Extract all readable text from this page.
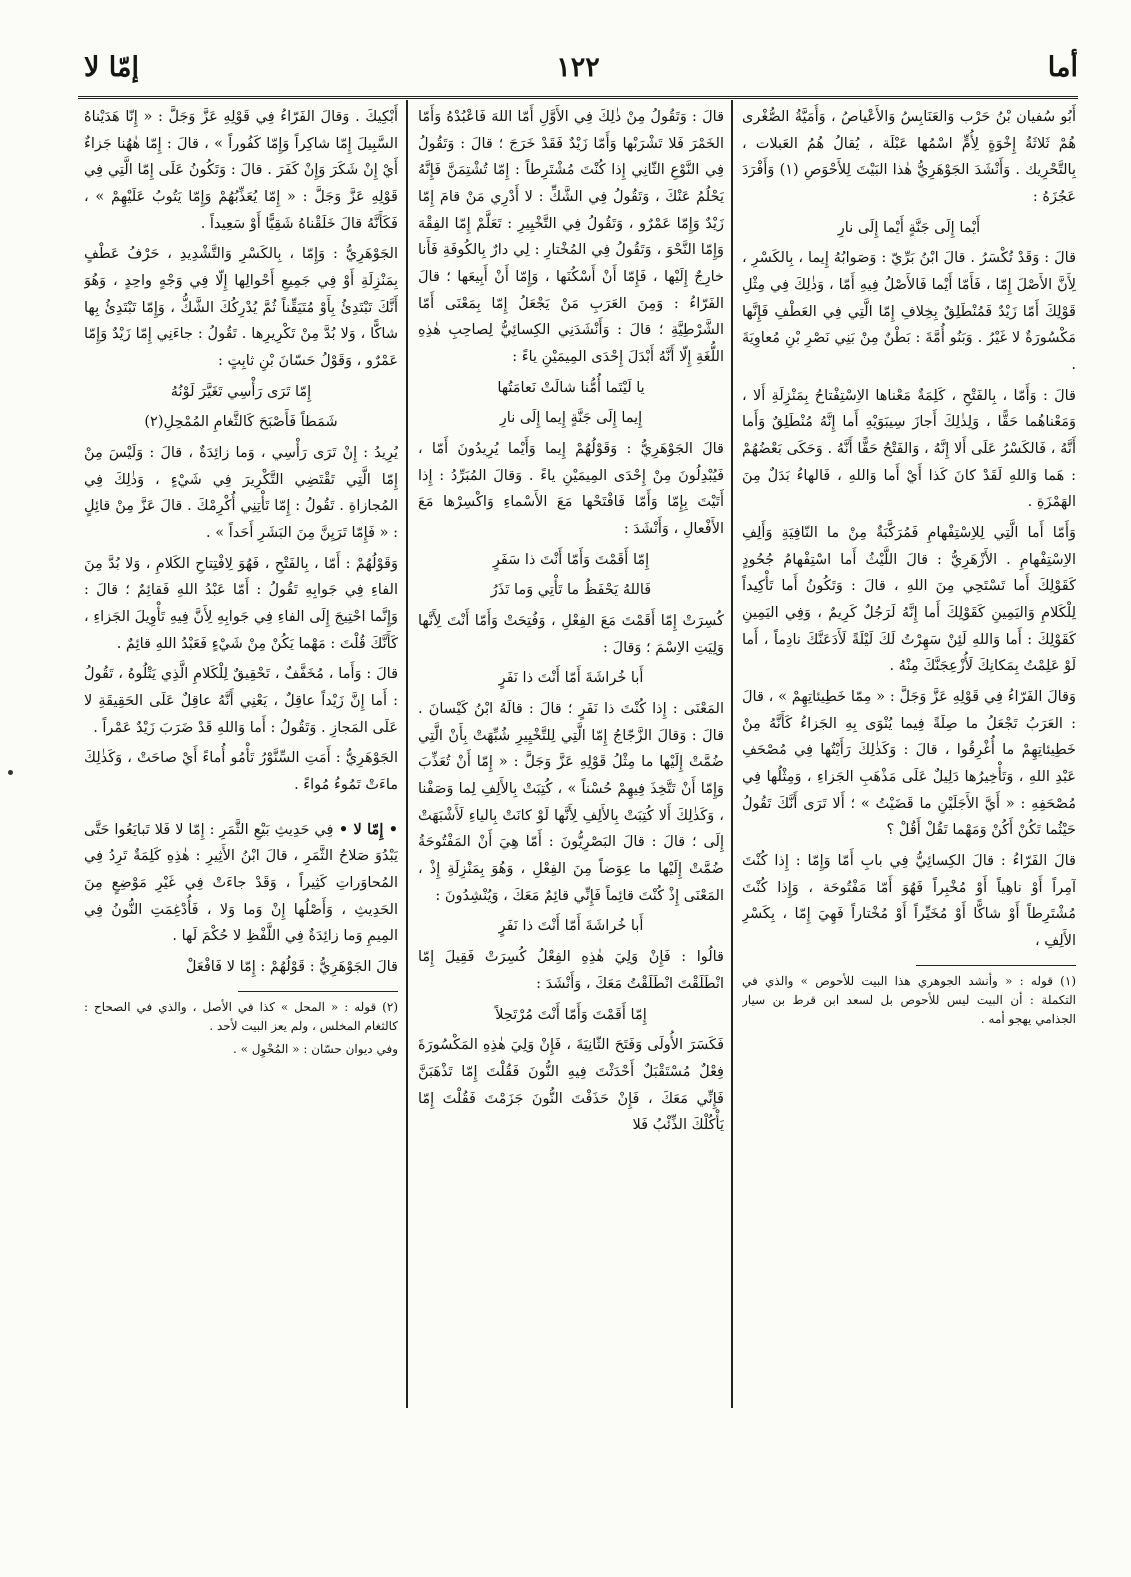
أما
١٢٢
إمّا لا

أَبُو سُفيان بْنُ حَرْب وَالعَنَابِسُ وَالأَعْياصُ ، وَأُمَيَّةُ الصُّغْرى هُمْ ثَلاثَةُ إِخْوَةٍ لِأُمٍّ اسْمُها عَبْلَة ، يُقالُ هُمُ العَبلات ، بِالتَّحْرِيك . وَأَنْشَدَ الجَوْهَرِيُّ هٰذا البَيْتَ لِلأَحْوَصِ (١) وَأَفْرَدَ عَجُزَهُ :

أَيْما إِلَى جَنَّةٍ أَيْما إِلَى نارِ

قالَ : وَقَدْ تُكْسَرُ . قالَ ابْنُ بَرِّيّ : وَصَوابُهُ إِيما ، بِالكَسْرِ ، لِأَنَّ الأَصْلَ إِمّا ، فَأَمّا أَيْما فَالأَصْلُ فِيهِ أَمّا ، وَذٰلِكَ فِي مِثْلِ قَوْلِكَ أَمّا زَيْدٌ فَمُنْطَلِقٌ بِخِلافِ إِمّا الَّتِي فِي العَطْفِ فَإِنَّها مَكْسُورَةٌ لا غَيْرُ . وَبَنُو أُمَّةَ : بَطْنٌ مِنْ بَنِي نَصْرِ بْنِ مُعاوِيَةَ .

قالَ : وَأَمّا ، بِالفَتْحِ ، كَلِمَةٌ مَعْناها الاِسْتِفْتاحُ بِمَنْزِلَةِ أَلا ، وَمَعْناهُما حَقًّا ، وَلِذٰلِكَ أَجازَ سِيبَوَيْهِ أَما إِنَّهُ مُنْطَلِقٌ وَأَما أَنَّهُ ، فَالكَسْرُ عَلَى أَلا إِنَّهُ ، وَالفَتْحُ حَقًّا أَنَّهُ . وَحَكَى بَعْضُهُمْ : هَما وَاللهِ لَقَدْ كانَ كَذا أَيْ أَما وَاللهِ ، فَالهاءُ بَدَلٌ مِنَ الهَمْزَةِ .

وَأَمّا أَما الَّتِي لِلاِسْتِفْهامِ فَمُرَكَّبَةٌ مِنْ ما النّافِيَةِ وَأَلِفِ الاِسْتِفْهامِ . الأَزْهَرِيُّ : قالَ اللَّيْثُ أَما اسْتِفْهامُ جُحُودٍ كَقَوْلِكَ أَما تَسْتَحِي مِنَ اللهِ ، قالَ : وَتَكُونُ أَما تَأْكِيداً لِلْكَلامِ وَاليَمِينِ كَقَوْلِكَ أَما إِنَّهُ لَرَجُلٌ كَرِيمٌ ، وَفِي اليَمِينِ كَقَوْلِكَ : أَما وَاللهِ لَئِنْ سَهِرْتُ لَكَ لَيْلَةً لَأَدَعَنَّكَ نادِماً ، أَما لَوْ عَلِمْتُ بِمَكانِكَ لَأُزْعِجَنَّكَ مِنْهُ .

وَقالَ الفَرّاءُ فِي قَوْلِهِ عَزَّ وَجَلَّ : « مِمّا خَطِيئاتِهِمْ » ، قالَ : العَرَبُ تَجْعَلُ ما صِلَةً فِيما يُنْوَى بِهِ الجَزاءُ كَأَنَّهُ مِنْ خَطِيئاتِهِمْ ما أُغْرِقُوا ، قالَ : وَكَذٰلِكَ رَأَيْتُها فِي مُصْحَفِ عَبْدِ اللهِ ، وَتَأْخِيرُها دَلِيلٌ عَلَى مَذْهَبِ الجَزاءِ ، وَمِثْلُها فِي مُصْحَفِهِ : « أَيَّ الأَجَلَيْنِ ما قَضَيْتُ » ؛ أَلا تَرَى أَنَّكَ تَقُولُ حَيْثُما تَكُنْ أَكُنْ وَمَهْما تَقُلْ أَقُلْ ؟

قالَ الفَرّاءُ : قالَ الكِسائِيُّ فِي بابِ أَمّا وَإِمّا : إِذا كُنْتَ آمِراً أَوْ ناهِياً أَوْ مُخْبِراً فَهُوَ أَمّا مَفْتُوحَة ، وَإِذا كُنْتَ مُشْتَرِطاً أَوْ شاكًّا أَوْ مُخَيِّراً أَوْ مُخْتاراً فَهِيَ إِمّا ، بِكَسْرِ الأَلِفِ ،

(١) قوله : « وأنشد الجوهري هذا البيت للأحوص » والذي في التكملة : أن البيت ليس للأحوص بل لسعد ابن قرط بن سيار الجذامي يهجو أمه .

قالَ : وَتَقُولُ مِنْ ذٰلِكَ فِي الأَوَّلِ أَمّا اللهَ فَاعْبُدْهُ وَأَمّا الخَمْرَ فَلا تَشْرَبْها وَأَمّا زَيْدٌ فَقَدْ خَرَجَ ؛ قالَ : وَتَقُولُ فِي النَّوْعِ الثّانِي إِذا كُنْتَ مُشْتَرِطاً : إِمّا تُشْتِمَنَّ فَإِنَّهُ يَحْلُمُ عَنْكَ ، وَتَقُولُ فِي الشَّكِّ : لا أَدْرِي مَنْ قامَ إِمّا زَيْدٌ وَإِمّا عَمْرٌو ، وَتَقُولُ فِي التَّخْيِيرِ : تَعَلَّمْ إِمّا الفِقْهَ وَإِمّا النَّحْوَ ، وَتَقُولُ فِي المُخْتارِ : لِي دارٌ بِالكُوفَةِ فَأَنا خارِجٌ إِلَيْها ، فَإِمّا أَنْ أَسْكُنَها ، وَإِمّا أَنْ أَبِيعَها ؛ قالَ الفَرّاءُ : وَمِنَ العَرَبِ مَنْ يَجْعَلُ إِمّا بِمَعْنَى أَمّا الشَّرْطِيَّةِ ؛ قالَ : وَأَنْشَدَنِي الكِسائِيُّ لِصاحِبِ هٰذِهِ اللُّغَةِ إِلّا أَنَّهُ أَبْدَلَ إِحْدَى المِيمَيْنِ ياءً :

يا لَيْتَما أُمُّنا شالَتْ نَعامَتُها

إِيما إِلَى جَنَّةٍ إِيما إِلَى نارِ

قالَ الجَوْهَرِيُّ : وَقَوْلُهُمْ إِيما وَأَيْما يُرِيدُونَ أَمّا ، فَيُبْدِلُونَ مِنْ إِحْدَى المِيمَيْنِ ياءً . وَقالَ المُبَرِّدُ : إِذا أَتَيْتَ بِإِمّا وَأَمّا فَافْتَحْها مَعَ الأَسْماءِ وَاكْسِرْها مَعَ الأَفْعالِ ، وَأَنْشَدَ :

إِمّا أَقَمْتَ وَأَمّا أَنْتَ ذا سَفَرٍ

فَاللهُ يَحْفَظُ ما تَأْتِي وَما تَذَرُ

كُسِرَتْ إِمّا أَقَمْتَ مَعَ الفِعْلِ ، وَفُتِحَتْ وَأَمّا أَنْتَ لِأَنَّها وَلِيَتِ الاِسْمَ ؛ وَقالَ :

أَبا خُراشَةَ أَمّا أَنْتَ ذا نَفَرٍ

المَعْنَى : إِذا كُنْتَ ذا نَفَرٍ ؛ قالَ : قالَهُ ابْنُ كَيْسانَ . قالَ : وَقالَ الزَّجّاجُ إِمّا الَّتِي لِلتَّخْيِيرِ شُبِّهَتْ بِأَنْ الَّتِي ضُمَّتْ إِلَيْها ما مِثْلُ قَوْلِهِ عَزَّ وَجَلَّ : « إِمّا أَنْ تُعَذِّبَ وَإِمّا أَنْ تَتَّخِذَ فِيهِمْ حُسْناً » ، كُتِبَتْ بِالأَلِفِ لِما وَصَفْنا ، وَكَذٰلِكَ أَلا كُتِبَتْ بِالأَلِفِ لِأَنَّها لَوْ كانَتْ بِالياءِ لَأَشْبَهَتْ إِلَى ؛ قالَ : قالَ البَصْرِيُّونَ : أَمّا هِيَ أَنْ المَفْتُوحَةُ ضُمَّتْ إِلَيْها ما عِوَضاً مِنَ الفِعْلِ ، وَهُوَ بِمَنْزِلَةِ إِذْ ، المَعْنَى إِذْ كُنْتَ قائِماً فَإِنِّي قائِمٌ مَعَكَ ، وَيُنْشِدُونَ :

أَبا خُراشَةَ أَمّا أَنْتَ ذا نَفَرٍ

قالُوا : فَإِنْ وَلِيَ هٰذِهِ الفِعْلُ كُسِرَتْ فَقِيلَ إِمّا انْطَلَقْتَ انْطَلَقْتُ مَعَكَ ، وَأَنْشَدَ :

إِمّا أَقَمْتَ وَأَمّا أَنْتَ مُرْتَحِلاً

فَكَسَرَ الأُولَى وَفَتَحَ الثّانِيَةَ ، فَإِنْ وَلِيَ هٰذِهِ المَكْسُورَةَ فِعْلٌ مُسْتَقْبَلٌ أَحْدَثْتَ فِيهِ النُّونَ فَقُلْتَ إِمّا تَذْهَبَنَّ فَإِنِّي مَعَكَ ، فَإِنْ حَذَفْتَ النُّونَ جَزَمْتَ فَقُلْتَ إِمّا يَأْكُلْكَ الذِّئْبُ فَلا

أَبْكِيكَ . وَقالَ الفَرّاءُ فِي قَوْلِهِ عَزَّ وَجَلَّ : « إِنّا هَدَيْناهُ السَّبِيلَ إِمّا شاكِراً وَإِمّا كَفُوراً » ، قالَ : إِمّا هٰهُنا جَزاءٌ أَيْ إِنْ شَكَرَ وَإِنْ كَفَرَ . قالَ : وَتَكُونُ عَلَى إِمّا الَّتِي فِي قَوْلِهِ عَزَّ وَجَلَّ : « إِمّا يُعَذِّبُهُمْ وَإِمّا يَتُوبُ عَلَيْهِمْ » ، فَكَأَنَّهُ قالَ خَلَقْناهُ شَقِيًّا أَوْ سَعِيداً .

الجَوْهَرِيُّ : وَإِمّا ، بِالكَسْرِ وَالتَّشْدِيدِ ، حَرْفُ عَطْفٍ بِمَنْزِلَةِ أَوْ فِي جَمِيعِ أَحْوالِها إِلّا فِي وَجْهٍ واحِدٍ ، وَهُوَ أَنَّكَ تَبْتَدِئُ بِأَوْ مُتَيَقِّناً ثُمَّ يُدْرِكُكَ الشَّكُّ ، وَإِمّا تَبْتَدِئُ بِها شاكًّا ، وَلا بُدَّ مِنْ تَكْرِيرِها . تَقُولُ : جاءَنِي إِمّا زَيْدٌ وَإِمّا عَمْرٌو ، وَقَوْلُ حَسّانَ بْنِ ثابِتٍ :

إِمّا تَرَى رَأْسِي تَغَيَّرَ لَوْنُهُ

شَمَطاً فَأَصْبَحَ كَالثَّغامِ المُمْحِلِ(٢)

يُرِيدُ : إِنْ تَرَى رَأْسِي ، وَما زائِدَةٌ ، قالَ : وَلَيْسَ مِنْ إِمّا الَّتِي تَقْتَضِي التَّكْرِيرَ فِي شَيْءٍ ، وَذٰلِكَ فِي المُجازاةِ . تَقُولُ : إِمّا تَأْتِنِي أُكْرِمْكَ . قالَ عَزَّ مِنْ قائِلٍ : « فَإِمّا تَرَيِنَّ مِنَ البَشَرِ أَحَداً » .

وَقَوْلُهُمْ : أَمّا ، بِالفَتْحِ ، فَهُوَ لِافْتِتاحِ الكَلامِ ، وَلا بُدَّ مِنَ الفاءِ فِي جَوابِهِ تَقُولُ : أَمّا عَبْدُ اللهِ فَقائِمٌ ؛ قالَ : وَإِنَّما احْتِيجَ إِلَى الفاءِ فِي جَوابِهِ لِأَنَّ فِيهِ تَأْوِيلَ الجَزاءِ ، كَأَنَّكَ قُلْتَ : مَهْما يَكُنْ مِنْ شَيْءٍ فَعَبْدُ اللهِ قائِمٌ .

قالَ : وَأَما ، مُخَفَّفٌ ، تَحْقِيقٌ لِلْكَلامِ الَّذِي يَتْلُوهُ ، تَقُولُ : أَما إِنَّ زَيْداً عاقِلٌ ، يَعْنِي أَنَّهُ عاقِلٌ عَلَى الحَقِيقَةِ لا عَلَى المَجازِ . وَتَقُولُ : أَما وَاللهِ قَدْ ضَرَبَ زَيْدٌ عَمْراً .

الجَوْهَرِيُّ : أَمَتِ السِّنَّوْرُ تَأْمُو أُماءً أَيْ صاحَتْ ، وَكَذٰلِكَ ماءَتْ تَمُوءُ مُواءً .

• إِمّا لا • فِي حَدِيثِ بَيْعِ الثَّمَرِ : إِمّا لا فَلا تَبايَعُوا حَتَّى يَبْدُوَ صَلاحُ الثَّمَرِ ، قالَ ابْنُ الأَثِيرِ : هٰذِهِ كَلِمَةٌ تَرِدُ فِي المُحاوَراتِ كَثِيراً ، وَقَدْ جاءَتْ فِي غَيْرِ مَوْضِعٍ مِنَ الحَدِيثِ ، وَأَصْلُها إِنْ وَما وَلا ، فَأُدْغِمَتِ النُّونُ فِي المِيمِ وَما زائِدَةٌ فِي اللَّفْظِ لا حُكْمَ لَها .

قالَ الجَوْهَرِيُّ : قَوْلُهُمْ : إِمّا لا فَافْعَلْ

(٢) قوله : « المحل » كذا في الأصل ، والذي في الصحاح : كالثغام المخلس ، ولم يعز البيت لأحد .

وفي ديوان حسّان : « المُحْوِل » .
